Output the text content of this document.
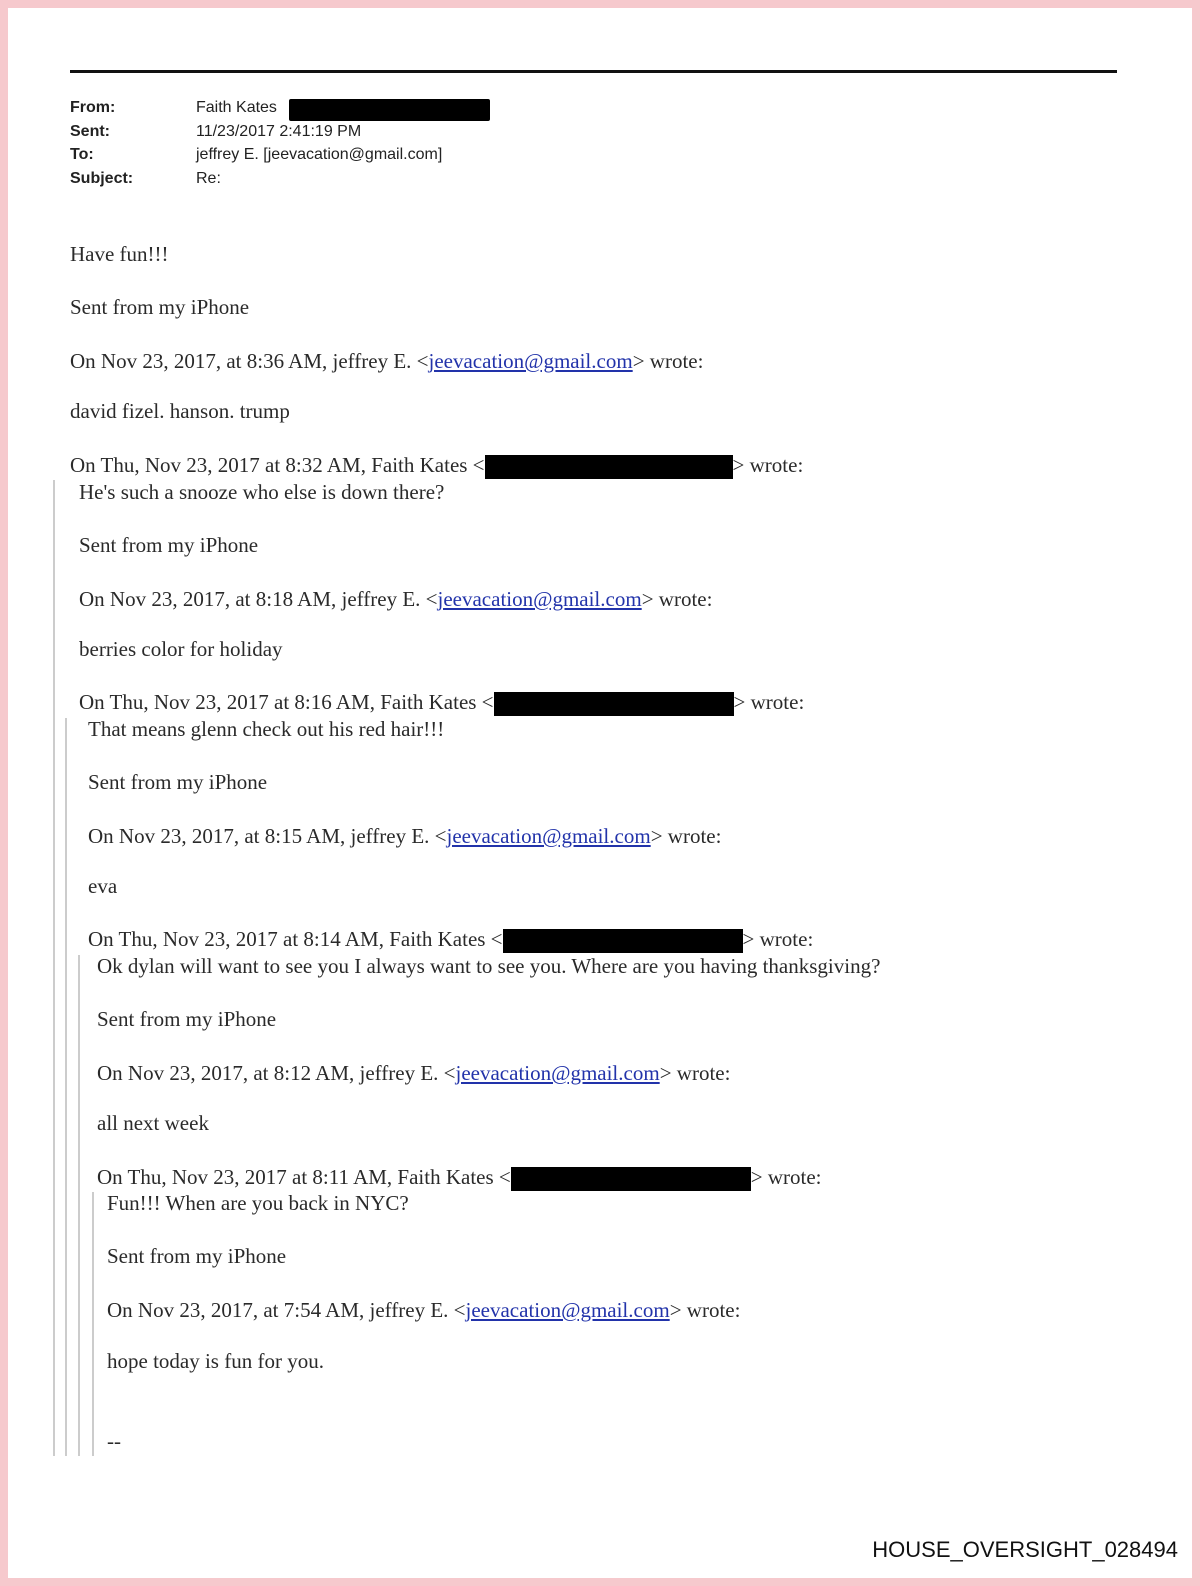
From:	Faith Kates
Sent:	11/23/2017 2:41:19 PM
To:	jeffrey E. [jeevacation@gmail.com]
Subject:	Re:
Have fun!!!
Sent from my iPhone
On Nov 23, 2017, at 8:36 AM, jeffrey E. <jeevacation@gmail.com> wrote:
david fizel. hanson. trump
On Thu, Nov 23, 2017 at 8:32 AM, Faith Kates <	> wrote:
He's such a snooze who else is down there?
Sent from my iPhone
On Nov 23, 2017, at 8:18 AM, jeffrey E. <jeevacation@gmail.com> wrote:
berries color for holiday
On Thu, Nov 23, 2017 at 8:16 AM, Faith Kates <	> wrote:
That means glenn check out his red hair!!!
Sent from my iPhone
On Nov 23, 2017, at 8:15 AM, jeffrey E. <jeevacation@gmail.com> wrote:
eva
On Thu, Nov 23, 2017 at 8:14 AM, Faith Kates <	> wrote:
Ok dylan will want to see you I always want to see you. Where are you having thanksgiving?
Sent from my iPhone
On Nov 23, 2017, at 8:12 AM, jeffrey E. <jeevacation@gmail.com> wrote:
all next week
On Thu, Nov 23, 2017 at 8:11 AM, Faith Kates <	> wrote:
Fun!!! When are you back in NYC?
Sent from my iPhone
On Nov 23, 2017, at 7:54 AM, jeffrey E. <jeevacation@gmail.com> wrote:
hope today is fun for you.
--
HOUSE_OVERSIGHT_028494
